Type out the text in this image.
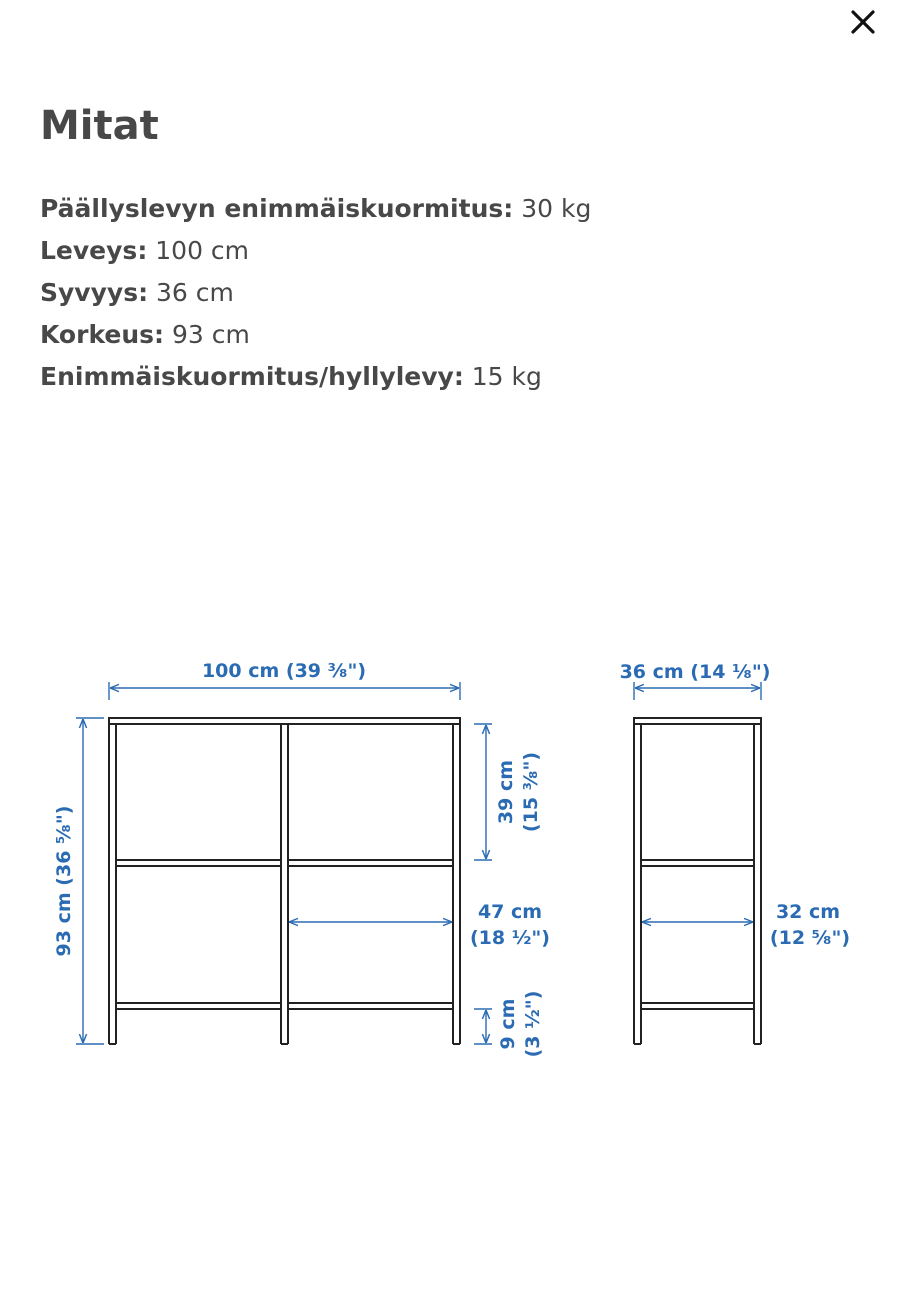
Mitat
Päällyslevyn enimmäiskuormitus: 30 kg
Leveys: 100 cm
Syvyys: 36 cm
Korkeus: 93 cm
Enimmäiskuormitus/hyllylevy: 15 kg
100 cm (39 ³⁄₈")
93 cm (36 ⁵⁄₈")
39 cm (15 ³⁄₈")
47 cm
(18 ½")
9 cm (3 ½")
36 cm (14 ¹⁄₈")
32 cm
(12 ⁵⁄₈")
